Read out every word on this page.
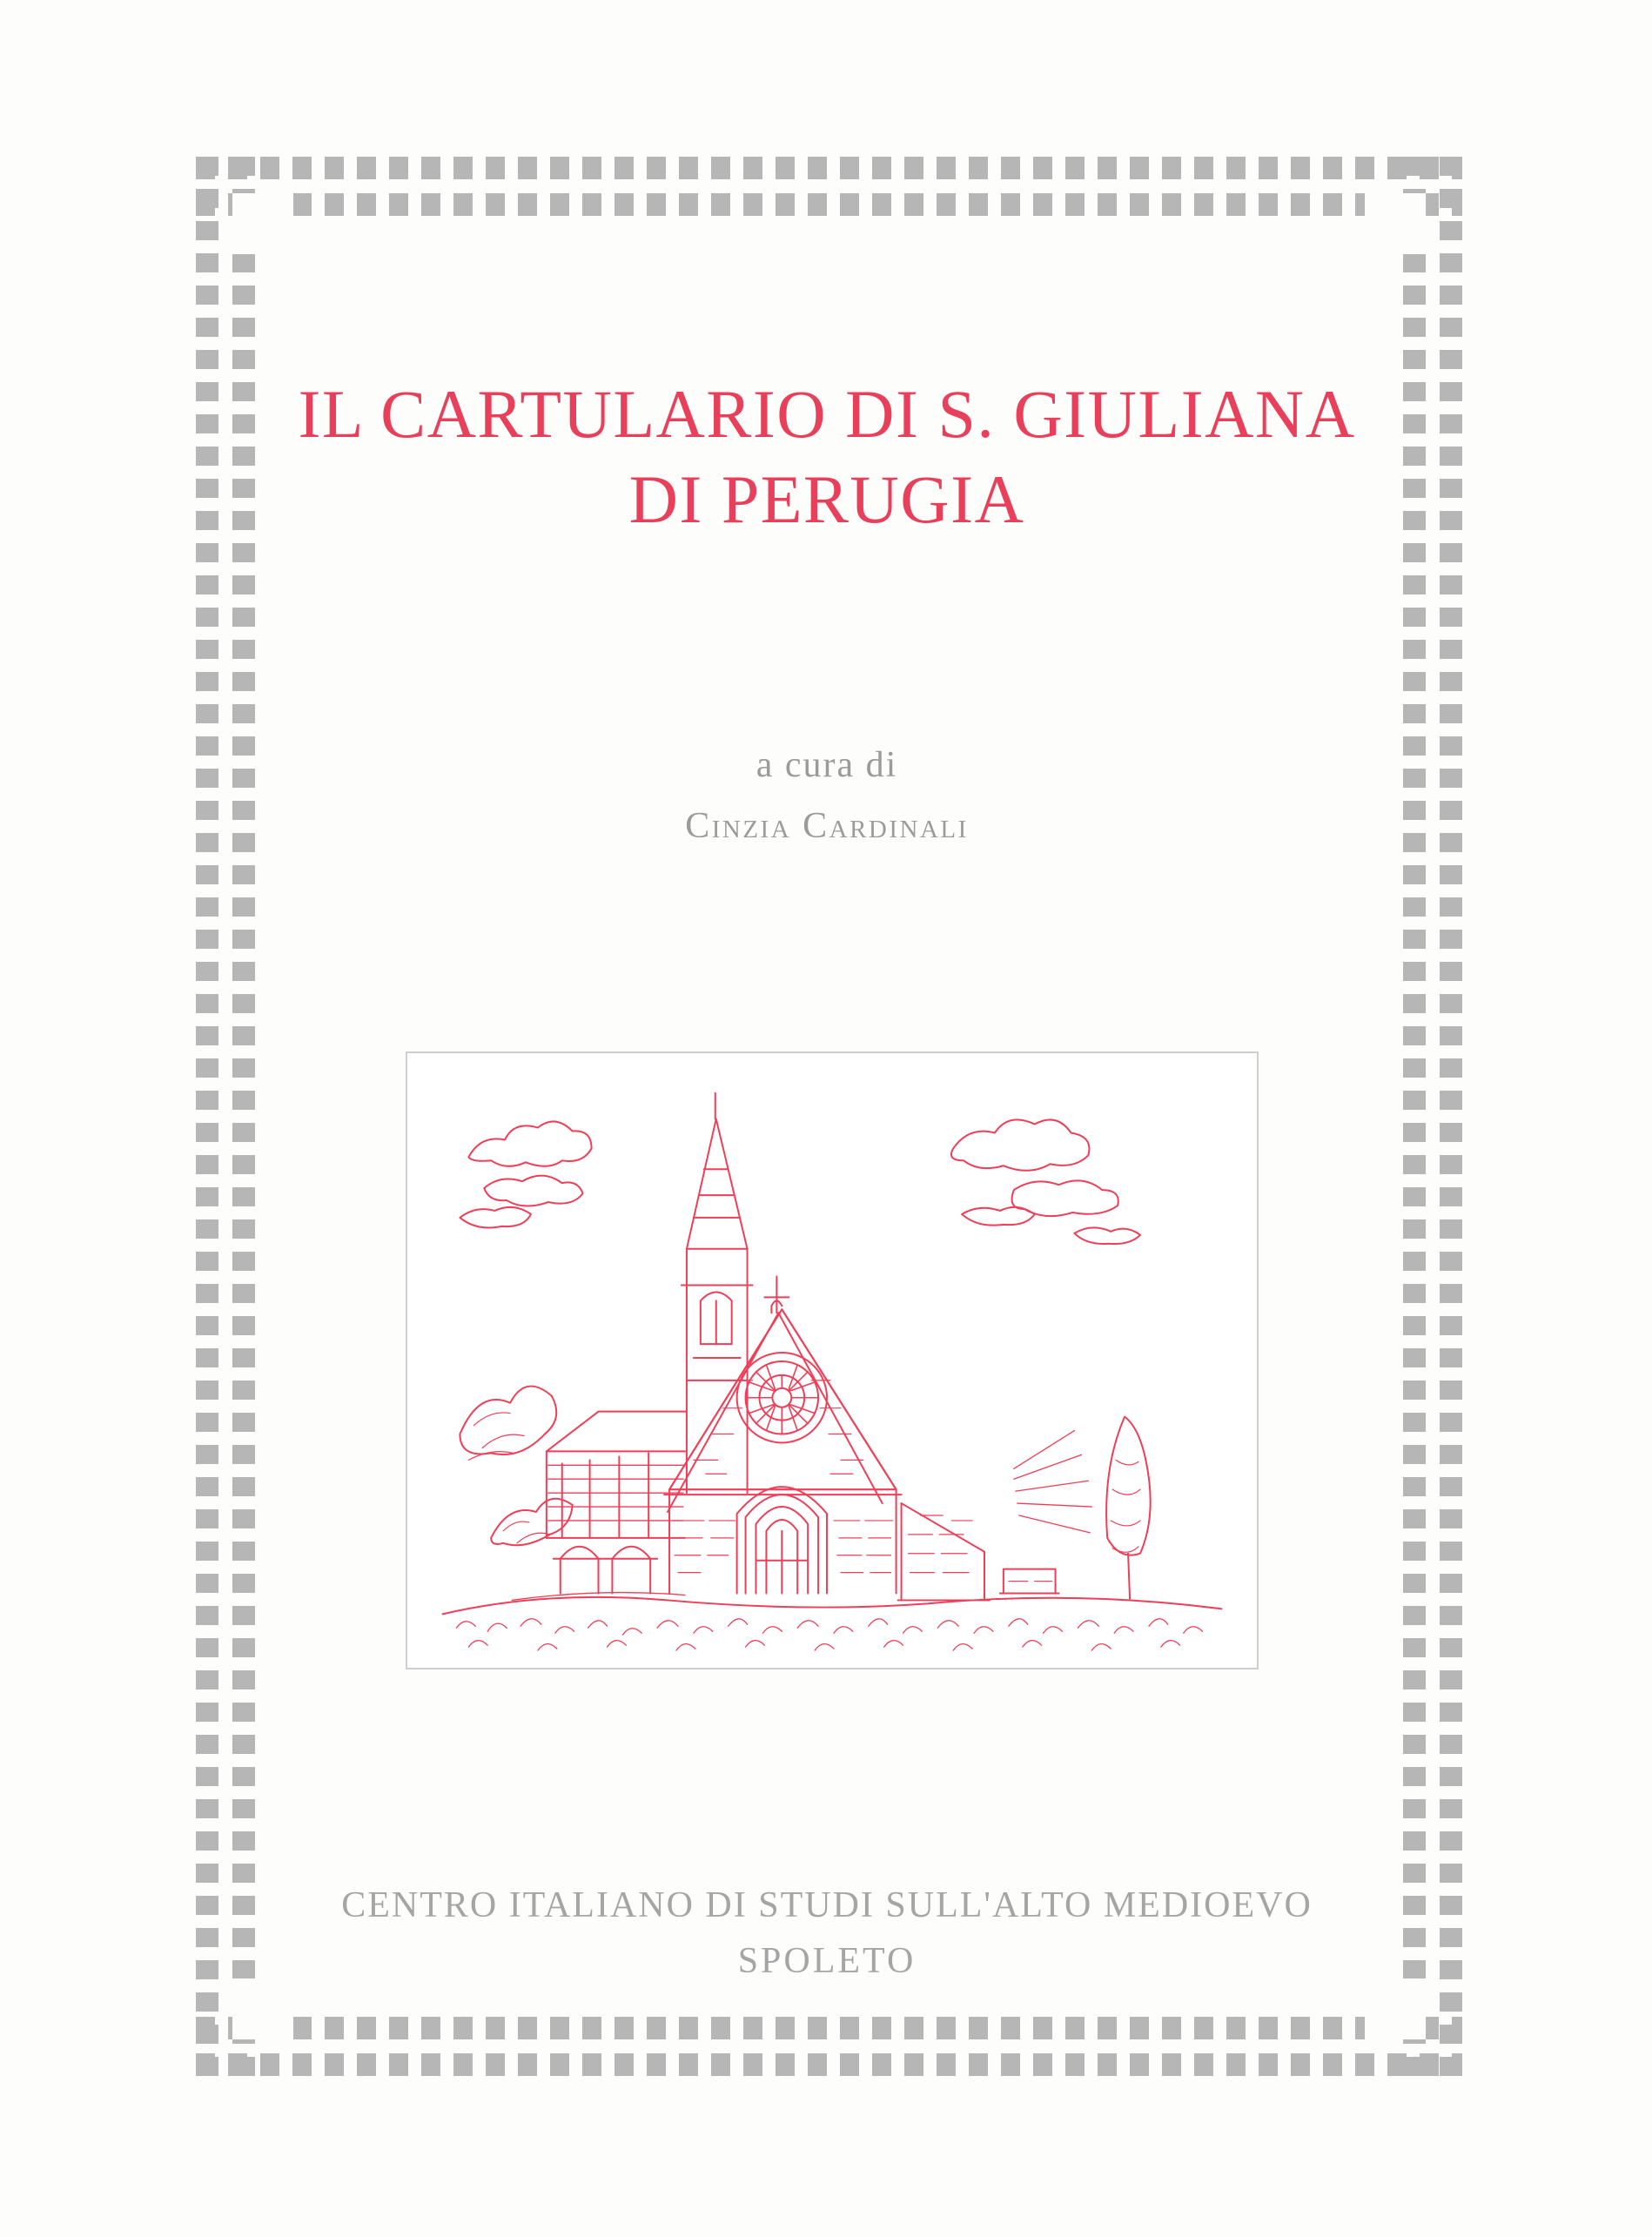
IL CARTULARIO DI S. GIULIANA
DI PERUGIA
a cura di
Cinzia Cardinali
CENTRO ITALIANO DI STUDI SULL'ALTO MEDIOEVO
SPOLETO
